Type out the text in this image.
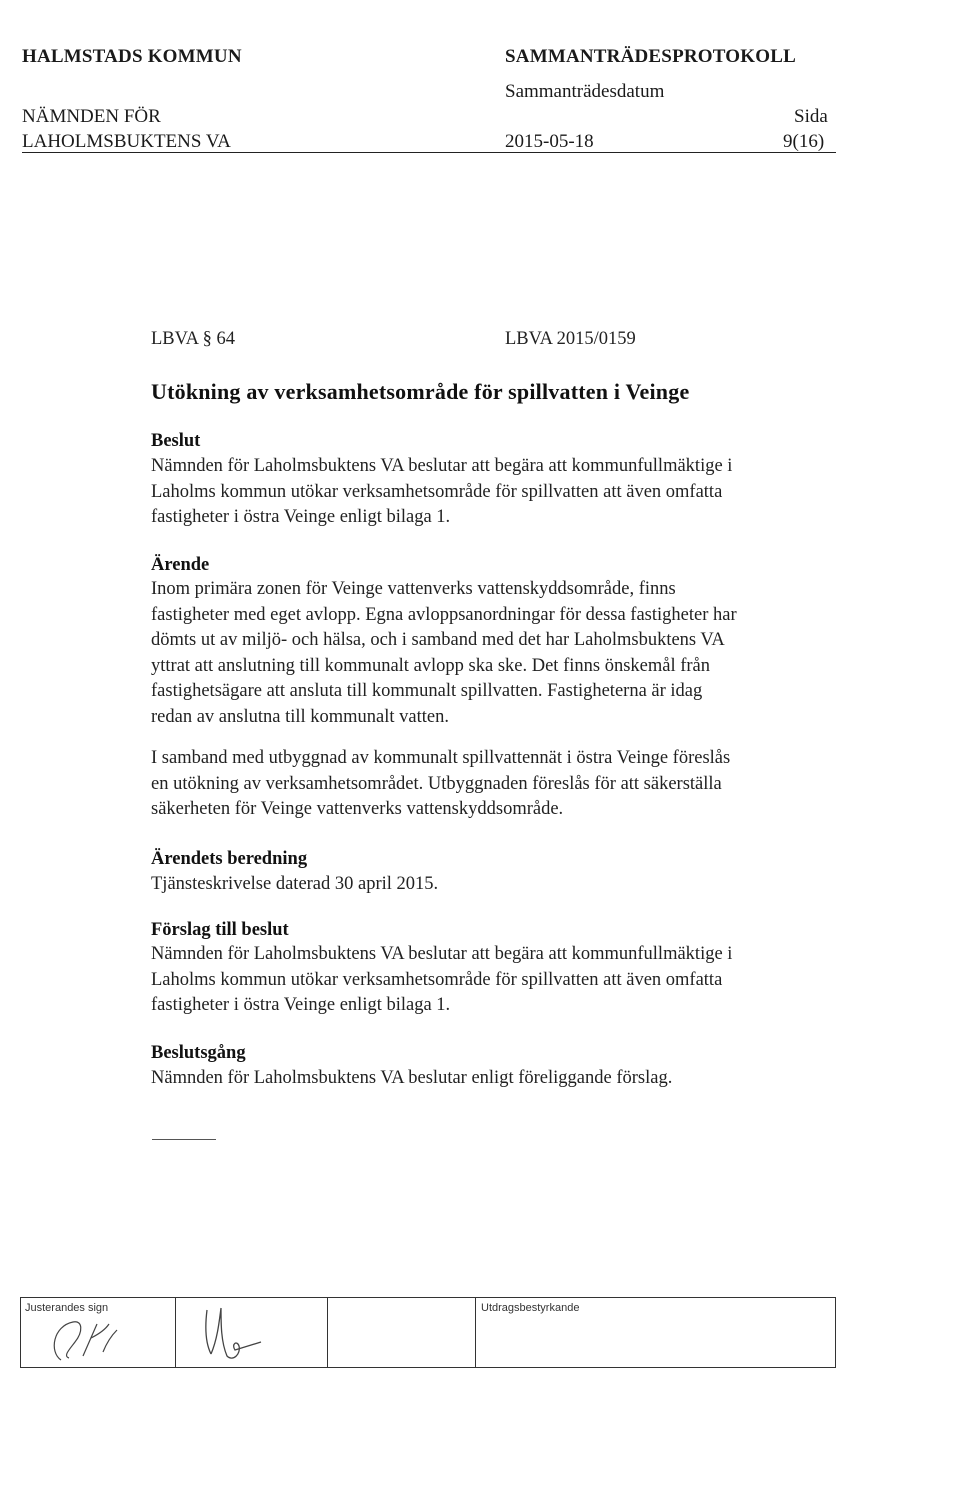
HALMSTADS KOMMUN	SAMMANTRÄDESPROTOKOLL
Sammanträdesdatum
NÄMNDEN FÖR	Sida
LAHOLMSBUKTENS VA	2015-05-18	9(16)
LBVA § 64	LBVA 2015/0159
Utökning av verksamhetsområde för spillvatten i Veinge
Beslut
Nämnden för Laholmsbuktens VA beslutar att begära att kommunfullmäktige i
Laholms kommun utökar verksamhetsområde för spillvatten att även omfatta
fastigheter i östra Veinge enligt bilaga 1.
Ärende
Inom primära zonen för Veinge vattenverks vattenskyddsområde, finns
fastigheter med eget avlopp. Egna avloppsanordningar för dessa fastigheter har
dömts ut av miljö- och hälsa, och i samband med det har Laholmsbuktens VA
yttrat att anslutning till kommunalt avlopp ska ske. Det finns önskemål från
fastighetsägare att ansluta till kommunalt spillvatten. Fastigheterna är idag
redan av anslutna till kommunalt vatten.
I samband med utbyggnad av kommunalt spillvattennät i östra Veinge föreslås
en utökning av verksamhetsområdet. Utbyggnaden föreslås för att säkerställa
säkerheten för Veinge vattenverks vattenskyddsområde.
Ärendets beredning
Tjänsteskrivelse daterad 30 april 2015.
Förslag till beslut
Nämnden för Laholmsbuktens VA beslutar att begära att kommunfullmäktige i
Laholms kommun utökar verksamhetsområde för spillvatten att även omfatta
fastigheter i östra Veinge enligt bilaga 1.
Beslutsgång
Nämnden för Laholmsbuktens VA beslutar enligt föreliggande förslag.
Justerandes sign	Utdragsbestyrkande
